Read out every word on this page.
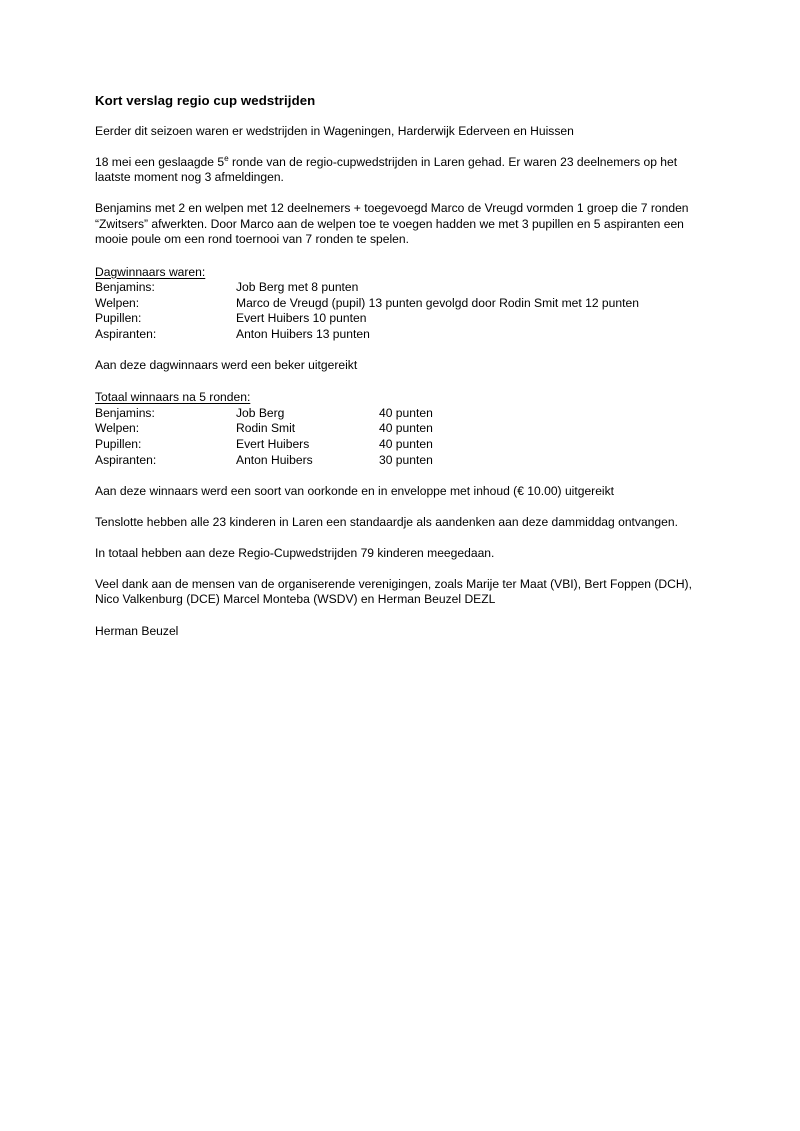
Kort verslag regio cup wedstrijden

Eerder dit seizoen waren er wedstrijden in Wageningen, Harderwijk Ederveen en Huissen

18 mei een geslaagde 5e ronde van de regio-cupwedstrijden in Laren gehad. Er waren 23 deelnemers op het laatste moment nog 3 afmeldingen.

Benjamins met 2 en welpen met 12 deelnemers + toegevoegd Marco de Vreugd vormden 1 groep die 7 ronden “Zwitsers” afwerkten. Door Marco aan de welpen toe te voegen hadden we met 3 pupillen en 5 aspiranten een mooie poule om een rond toernooi van 7 ronden te spelen.

Dagwinnaars waren:
Benjamins:	Job Berg met 8 punten
Welpen:	Marco de Vreugd (pupil) 13 punten gevolgd door Rodin Smit met 12 punten
Pupillen:	Evert Huibers 10 punten
Aspiranten:	Anton Huibers 13 punten

Aan deze dagwinnaars werd een beker uitgereikt

Totaal winnaars na 5 ronden:
Benjamins:	Job Berg	40 punten
Welpen:	Rodin Smit	40 punten
Pupillen:	Evert Huibers	40 punten
Aspiranten:	Anton Huibers	30 punten

Aan deze winnaars werd een soort van oorkonde en in enveloppe met inhoud (€ 10.00) uitgereikt

Tenslotte hebben alle 23 kinderen in Laren een standaardje als aandenken aan deze dammiddag ontvangen.

In totaal hebben aan deze Regio-Cupwedstrijden 79 kinderen meegedaan.

Veel dank aan de mensen van de organiserende verenigingen, zoals Marije ter Maat (VBI), Bert Foppen (DCH), Nico Valkenburg (DCE) Marcel Monteba (WSDV) en Herman Beuzel DEZL

Herman Beuzel
